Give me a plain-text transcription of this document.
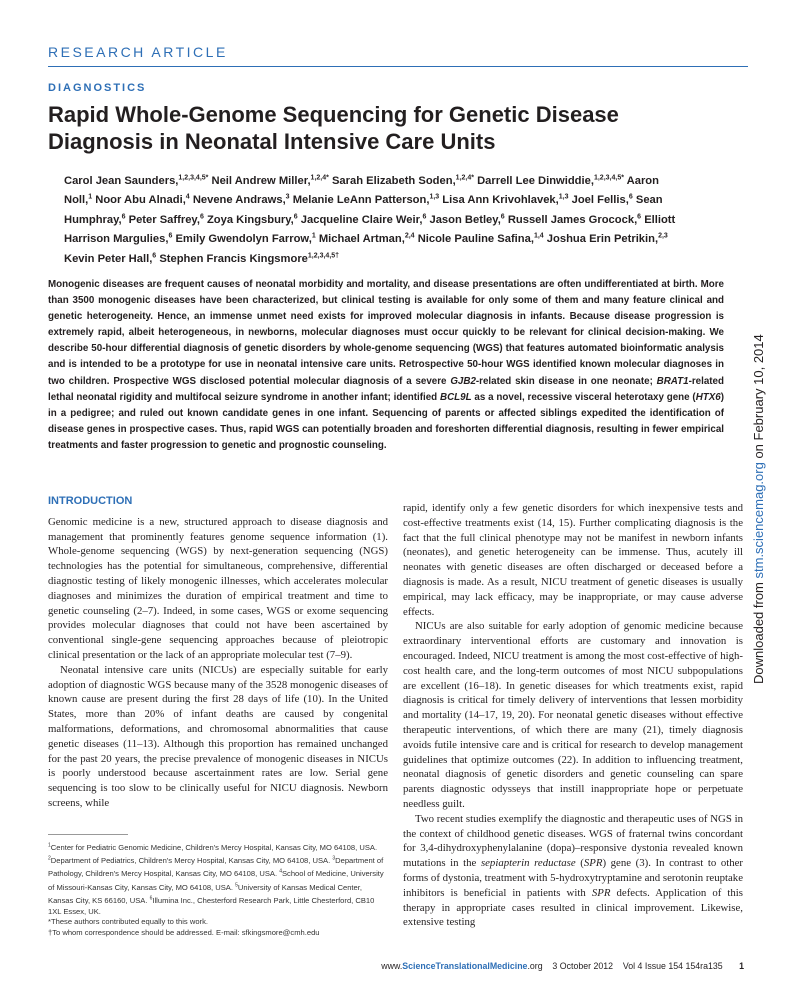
RESEARCH ARTICLE
DIAGNOSTICS
Rapid Whole-Genome Sequencing for Genetic Disease Diagnosis in Neonatal Intensive Care Units
Carol Jean Saunders,$^{1,2,3,4,5*}$ Neil Andrew Miller,$^{1,2,4*}$ Sarah Elizabeth Soden,$^{1,2,4*}$ Darrell Lee Dinwiddie,$^{1,2,3,4,5*}$ Aaron Noll,$^1$ Noor Abu Alnadi,$^4$ Nevene Andraws,$^3$ Melanie LeAnn Patterson,$^{1,3}$ Lisa Ann Krivohlavek,$^{1,3}$ Joel Fellis,$^6$ Sean Humphray,$^6$ Peter Saffrey,$^6$ Zoya Kingsbury,$^6$ Jacqueline Claire Weir,$^6$ Jason Betley,$^6$ Russell James Grocock,$^6$ Elliott Harrison Margulies,$^6$ Emily Gwendolyn Farrow,$^1$ Michael Artman,$^{2,4}$ Nicole Pauline Safina,$^{1,4}$ Joshua Erin Petrikin,$^{2,3}$ Kevin Peter Hall,$^6$ Stephen Francis Kingsmore$^{1,2,3,4,5\dagger}$
Monogenic diseases are frequent causes of neonatal morbidity and mortality, and disease presentations are often undifferentiated at birth. More than 3500 monogenic diseases have been characterized, but clinical testing is available for only some of them and many feature clinical and genetic heterogeneity. Hence, an immense unmet need exists for improved molecular diagnosis in infants. Because disease progression is extremely rapid, albeit heterogeneous, in newborns, molecular diagnoses must occur quickly to be relevant for clinical decision-making. We describe 50-hour differential diagnosis of genetic disorders by whole-genome sequencing (WGS) that features automated bioinformatic analysis and is intended to be a prototype for use in neonatal intensive care units. Retrospective 50-hour WGS identified known molecular diagnoses in two children. Prospective WGS disclosed potential molecular diagnosis of a severe GJB2-related skin disease in one neonate; BRAT1-related lethal neonatal rigidity and multifocal seizure syndrome in another infant; identified BCL9L as a novel, recessive visceral heterotaxy gene (HTX6) in a pedigree; and ruled out known candidate genes in one infant. Sequencing of parents or affected siblings expedited the identification of disease genes in prospective cases. Thus, rapid WGS can potentially broaden and foreshorten differential diagnosis, resulting in fewer empirical treatments and faster progression to genetic and prognostic counseling.
INTRODUCTION

Genomic medicine is a new, structured approach to disease diagnosis and management that prominently features genome sequence information (1). Whole-genome sequencing (WGS) by next-generation sequencing (NGS) technologies has the potential for simultaneous, comprehensive, differential diagnostic testing of likely monogenic illnesses, which accelerates molecular diagnoses and minimizes the duration of empirical treatment and time to genetic counseling (2–7). Indeed, in some cases, WGS or exome sequencing provides molecular diagnoses that could not have been ascertained by conventional single-gene sequencing approaches because of pleiotropic clinical presentation or the lack of an appropriate molecular test (7–9).

Neonatal intensive care units (NICUs) are especially suitable for early adoption of diagnostic WGS because many of the 3528 monogenic diseases of known cause are present during the first 28 days of life (10). In the United States, more than 20% of infant deaths are caused by congenital malformations, deformations, and chromosomal abnormalities that cause genetic diseases (11–13). Although this proportion has remained unchanged for the past 20 years, the precise prevalence of monogenic diseases in NICUs is poorly understood because ascertainment rates are low. Serial gene sequencing is too slow to be clinically useful for NICU diagnosis. Newborn screens, while

rapid, identify only a few genetic disorders for which inexpensive tests and cost-effective treatments exist (14, 15). Further complicating diagnosis is the fact that the full clinical phenotype may not be manifest in newborn infants (neonates), and genetic heterogeneity can be immense. Thus, acutely ill neonates with genetic diseases are often discharged or deceased before a diagnosis is made. As a result, NICU treatment of genetic diseases is usually empirical, may lack efficacy, may be inappropriate, or may cause adverse effects.

NICUs are also suitable for early adoption of genomic medicine because extraordinary interventional efforts are customary and innovation is encouraged. Indeed, NICU treatment is among the most cost-effective of high-cost health care, and the long-term outcomes of most NICU subpopulations are excellent (16–18). In genetic diseases for which treatments exist, rapid diagnosis is critical for timely delivery of interventions that lessen morbidity and mortality (14–17, 19, 20). For neonatal genetic diseases without effective therapeutic interventions, of which there are many (21), timely diagnosis avoids futile intensive care and is critical for research to develop management guidelines that optimize outcomes (22). In addition to influencing treatment, neonatal diagnosis of genetic disorders and genetic counseling can spare parents diagnostic odysseys that instill inappropriate hope or perpetuate needless guilt.

Two recent studies exemplify the diagnostic and therapeutic uses of NGS in the context of childhood genetic diseases. WGS of fraternal twins concordant for 3,4-dihydroxyphenylalanine (dopa)–responsive dystonia revealed known mutations in the sepiapterin reductase (SPR) gene (3). In contrast to other forms of dystonia, treatment with 5-hydroxytryptamine and serotonin reuptake inhibitors is beneficial in patients with SPR defects. Application of this therapy in appropriate cases resulted in clinical improvement. Likewise, extensive testing

$^1$Center for Pediatric Genomic Medicine, Children's Mercy Hospital, Kansas City, MO 64108, USA. $^2$Department of Pediatrics, Children's Mercy Hospital, Kansas City, MO 64108, USA. $^3$Department of Pathology, Children's Mercy Hospital, Kansas City, MO 64108, USA. $^4$School of Medicine, University of Missouri-Kansas City, Kansas City, MO 64108, USA. $^5$University of Kansas Medical Center, Kansas City, KS 66160, USA. $^6$Illumina Inc., Chesterford Research Park, Little Chesterford, CB10 1XL Essex, UK.
*These authors contributed equally to this work.
†To whom correspondence should be addressed. E-mail: sfkingsmore@cmh.edu
www.ScienceTranslationalMedicine.org 3 October 2012 Vol 4 Issue 154 154ra135 1
Downloaded from stm.sciencemag.org on February 10, 2014
